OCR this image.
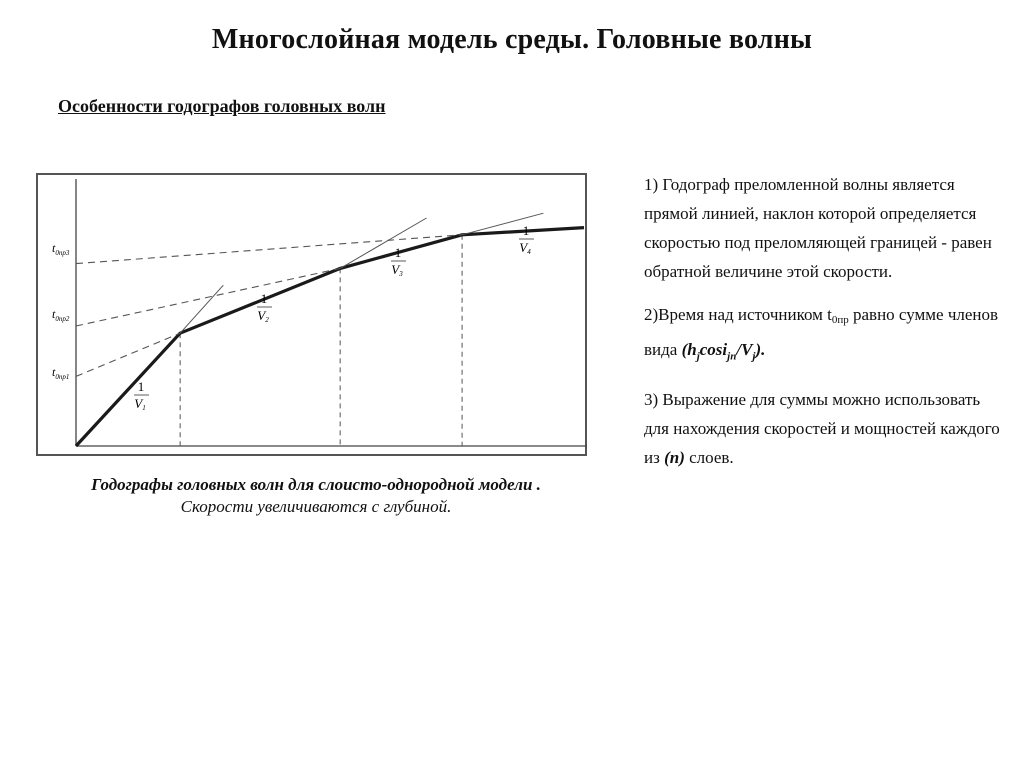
Многослойная модель среды. Головные волны
Особенности годографов головных волн
$t_{0пр1}$
$t_{0пр2}$
$t_{0пр3}$
1
V1
1
V2
1
V3
1
V4
Годографы головных волн для слоисто-однородной модели .
Скорости увеличиваются с глубиной.

1) Годограф преломленной волны является прямой линией, наклон которой определяется скоростью под преломляющей границей - равен обратной величине этой скорости.

2)Время над источником t0пр равно сумме членов вида $(h_j\cos i_{jn}/V_j)$.

3) Выражение для суммы можно использовать для нахождения скоростей и мощностей каждого из (n) слоев.
